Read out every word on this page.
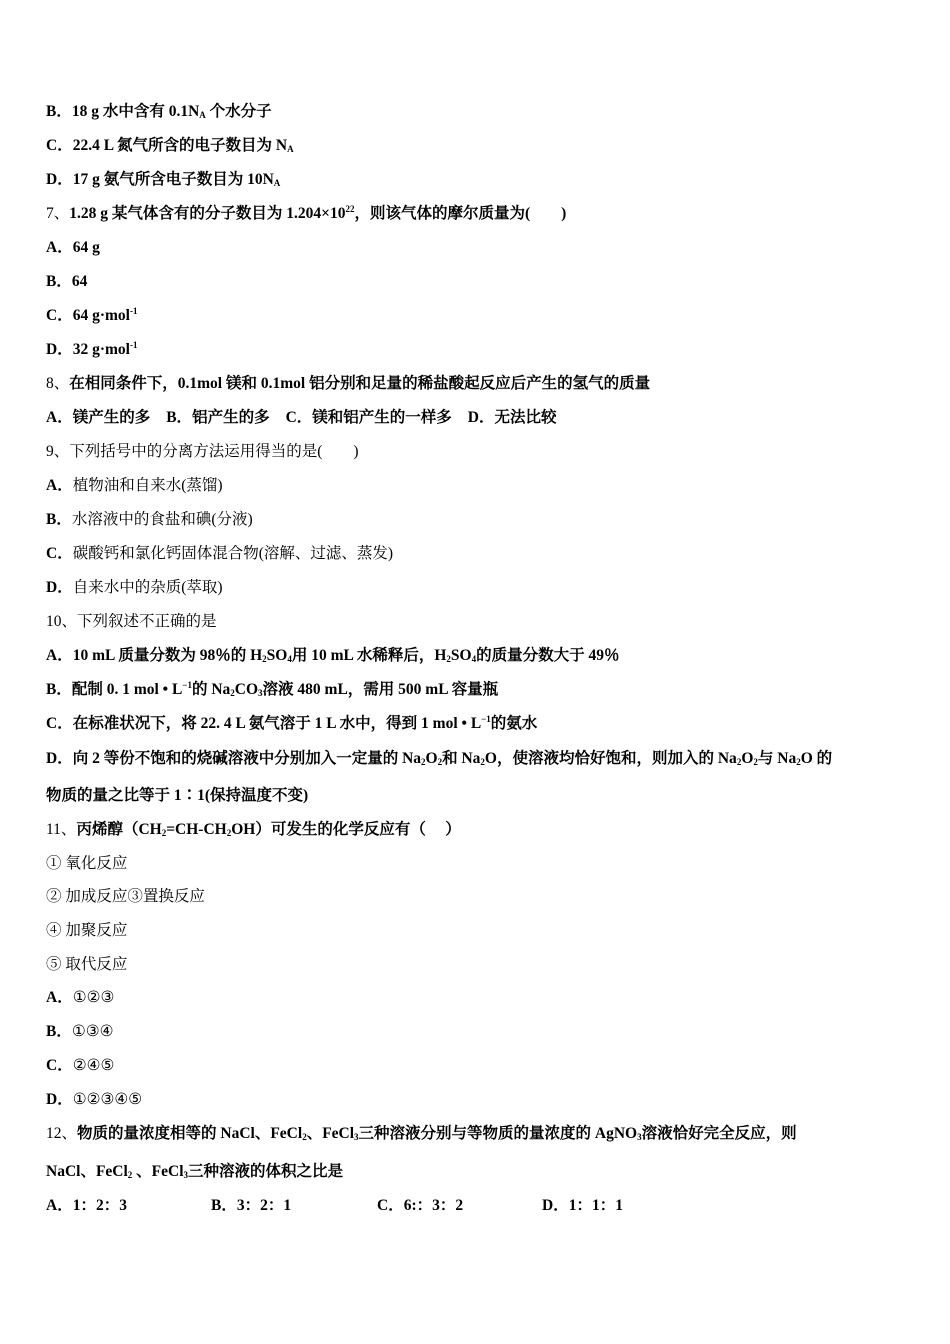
B．18 g 水中含有 $0.1N_A$ 个水分子
C．22.4 L 氮气所含的电子数目为 $N_A$
D．17 g 氨气所含电子数目为 $10N_A$
7、1.28 g 某气体含有的分子数目为 $1.204\times 10^{22}$，则该气体的摩尔质量为(　　)
A．64 g
B．64
C．64 g·mol$^{-1}$
D．32 g·mol$^{-1}$
8、在相同条件下，0.1mol 镁和 0.1mol 铝分别和足量的稀盐酸起反应后产生的氢气的质量
A．镁产生的多 B．铝产生的多 C．镁和铝产生的一样多 D．无法比较
9、下列括号中的分离方法运用得当的是(　　)
A．植物油和自来水(蒸馏)
B．水溶液中的食盐和碘(分液)
C．碳酸钙和氯化钙固体混合物(溶解、过滤、蒸发)
D．自来水中的杂质(萃取)
10、下列叙述不正确的是
A．10 mL 质量分数为 98％的 $H_2SO_4$用 10 mL 水稀释后，$H_2SO_4$的质量分数大于 49％
B．配制 0. 1 mol • $L^{-1}$的 $Na_2CO_3$溶液 480 mL，需用 500 mL 容量瓶
C．在标准状况下，将 22. 4 L 氨气溶于 1 L 水中，得到 1 mol • $L^{-1}$的氨水
D．向 2 等份不饱和的烧碱溶液中分别加入一定量的 $Na_2O_2$和 $Na_2O$，使溶液均恰好饱和，则加入的 $Na_2O_2$与 $Na_2O$ 的
物质的量之比等于 1∶1(保持温度不变)
11、丙烯醇$(CH_2=CH-CH_2OH)$可发生的化学反应有（　 ）
① 氧化反应
② 加成反应③置换反应
④ 加聚反应
⑤ 取代反应
A．①②③
B．①③④
C．②④⑤
D．①②③④⑤
12、物质的量浓度相等的 NaCl、FeCl$_2$、FeCl$_3$三种溶液分别与等物质的量浓度的 AgNO$_3$溶液恰好完全反应，则
NaCl、FeCl$_2$ 、FeCl$_3$三种溶液的体积之比是
A．1：2：3	B．3：2：1	C．6:：3：2	D．1：1：1
